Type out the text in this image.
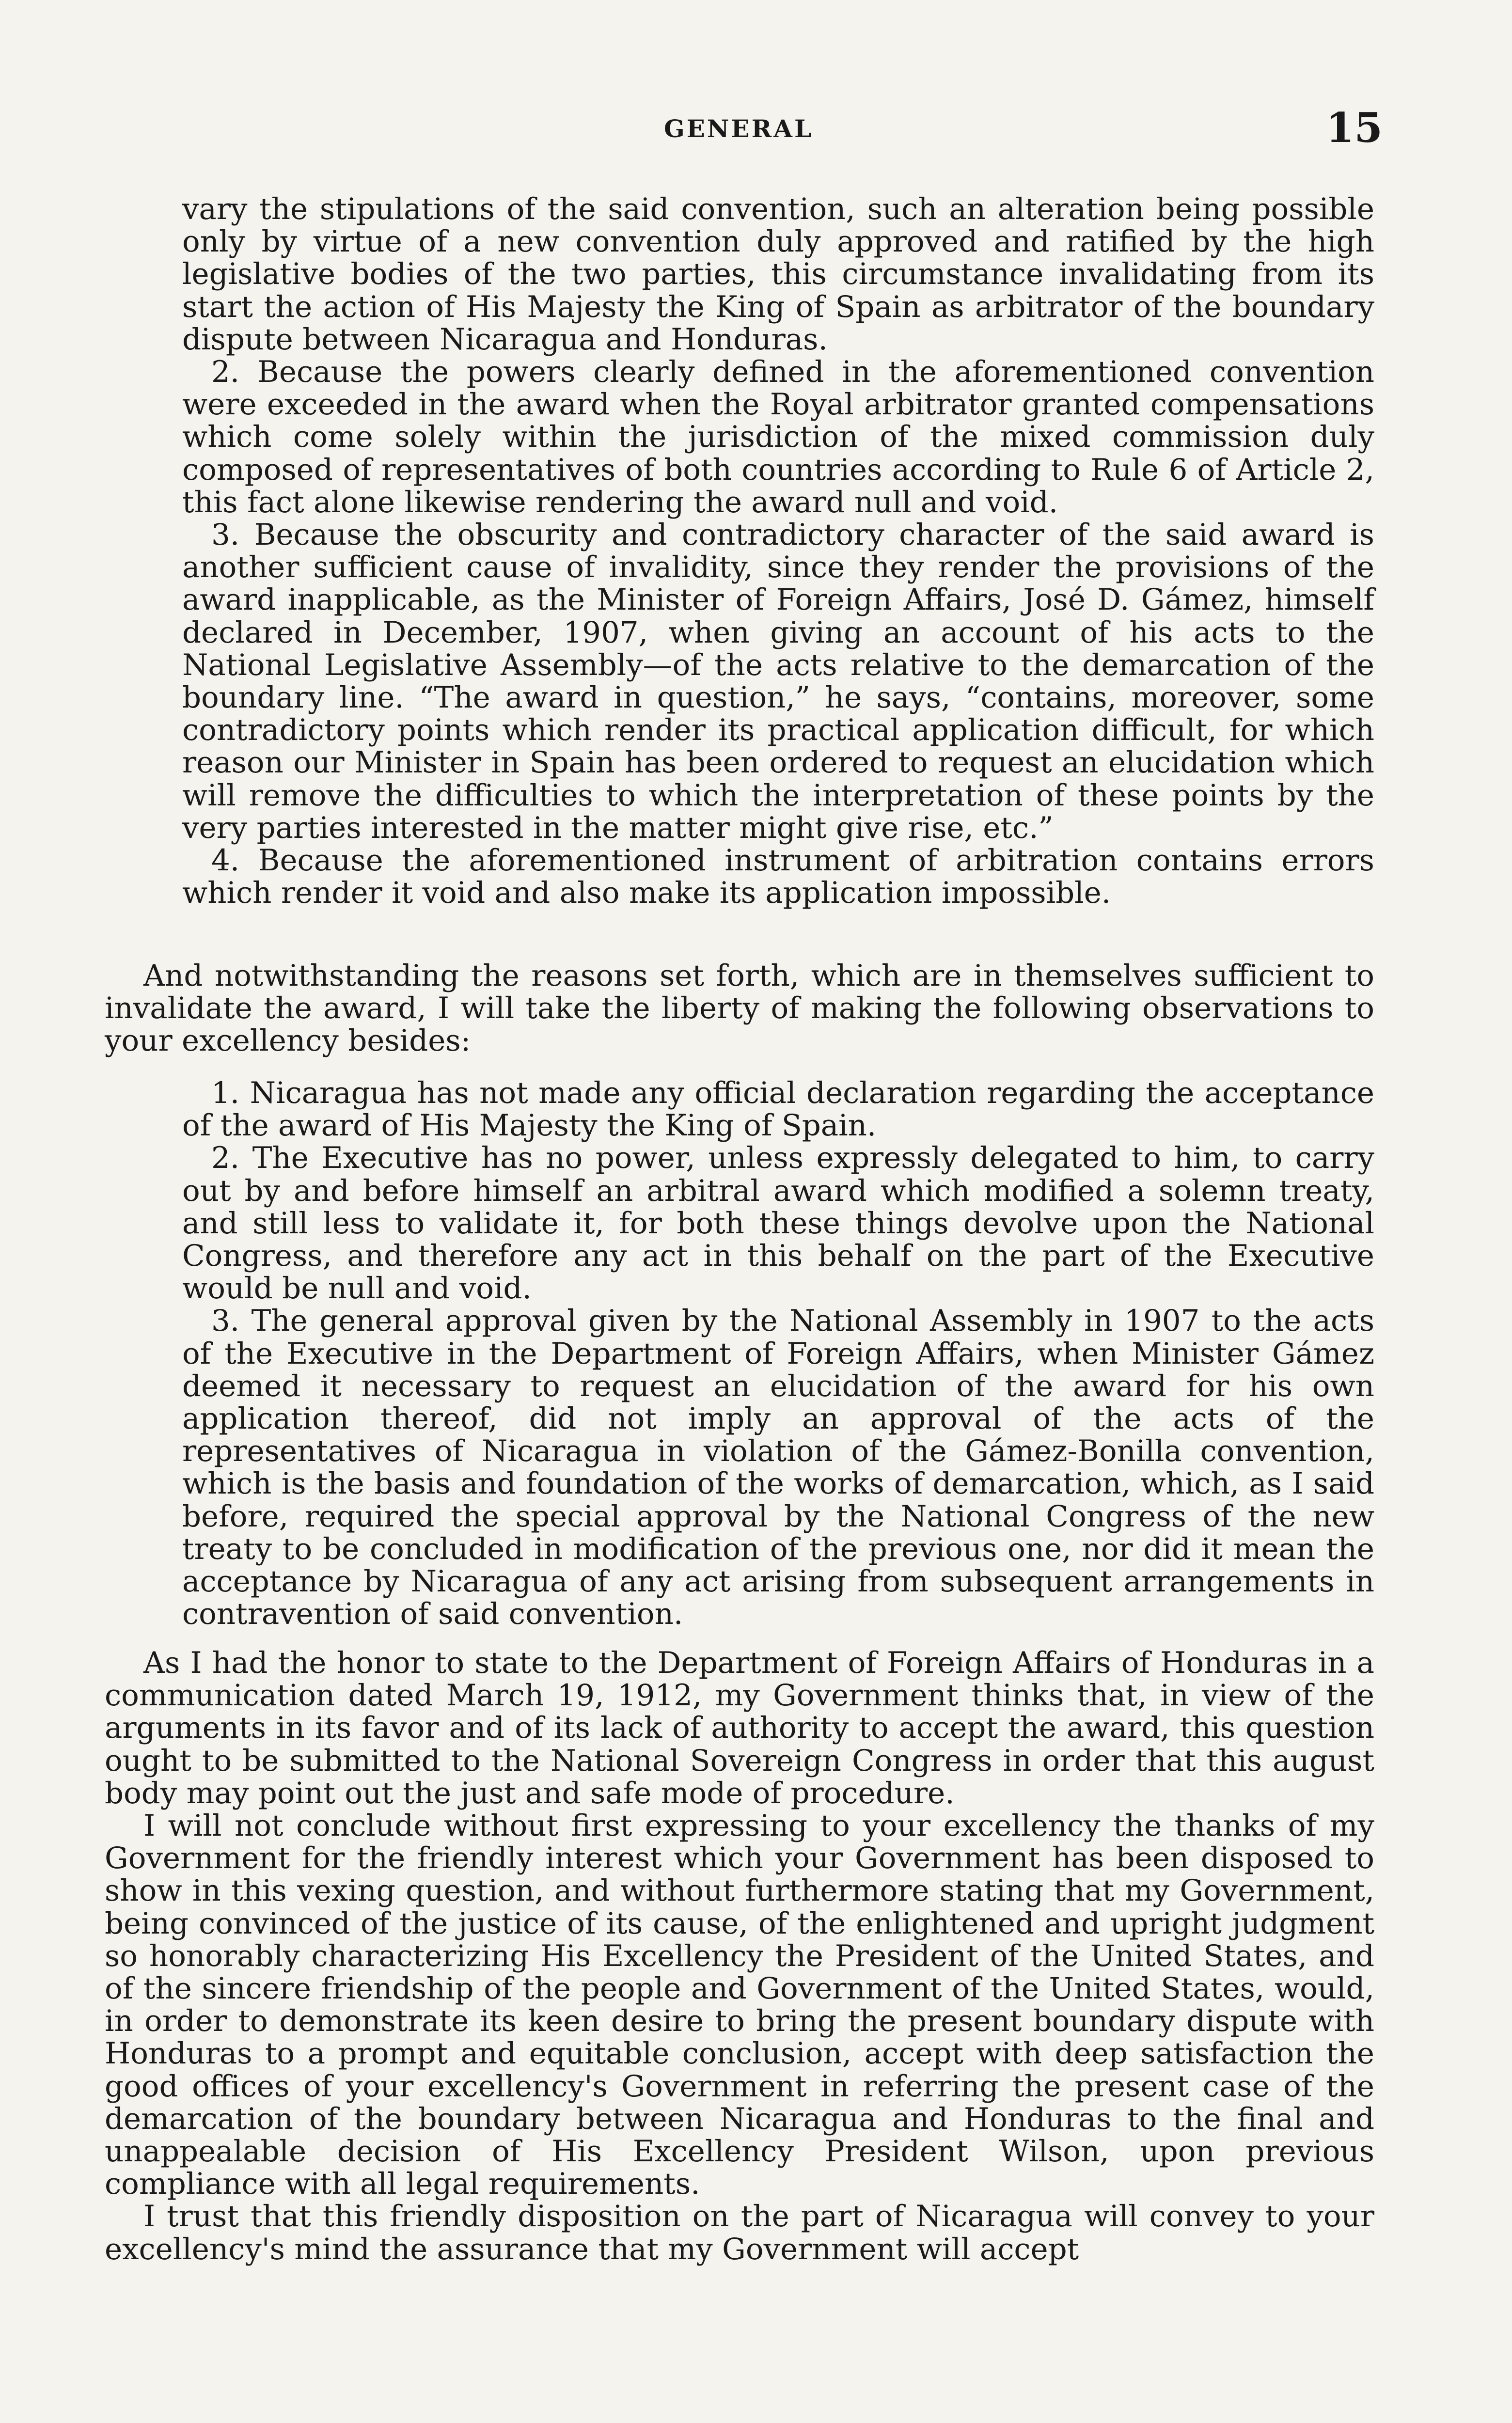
GENERAL	15

vary the stipulations of the said convention, such an alteration being possible only by virtue of a new convention duly approved and ratified by the high legislative bodies of the two parties, this circumstance invalidating from its start the action of His Majesty the King of Spain as arbitrator of the boundary dispute between Nicaragua and Honduras.

2. Because the powers clearly defined in the aforementioned convention were exceeded in the award when the Royal arbitrator granted compensations which come solely within the jurisdiction of the mixed commission duly composed of representatives of both countries according to Rule 6 of Article 2, this fact alone likewise rendering the award null and void.

3. Because the obscurity and contradictory character of the said award is another sufficient cause of invalidity, since they render the provisions of the award inapplicable, as the Minister of Foreign Affairs, José D. Gámez, himself declared in December, 1907, when giving an account of his acts to the National Legislative Assembly—of the acts relative to the demarcation of the boundary line. “The award in question,” he says, “contains, moreover, some contradictory points which render its practical application difficult, for which reason our Minister in Spain has been ordered to request an elucidation which will remove the difficulties to which the interpretation of these points by the very parties interested in the matter might give rise, etc.”

4. Because the aforementioned instrument of arbitration contains errors which render it void and also make its application impossible.

And notwithstanding the reasons set forth, which are in themselves sufficient to invalidate the award, I will take the liberty of making the following observations to your excellency besides:

1. Nicaragua has not made any official declaration regarding the acceptance of the award of His Majesty the King of Spain.

2. The Executive has no power, unless expressly delegated to him, to carry out by and before himself an arbitral award which modified a solemn treaty, and still less to validate it, for both these things devolve upon the National Congress, and therefore any act in this behalf on the part of the Executive would be null and void.

3. The general approval given by the National Assembly in 1907 to the acts of the Executive in the Department of Foreign Affairs, when Minister Gámez deemed it necessary to request an elucidation of the award for his own application thereof, did not imply an approval of the acts of the representatives of Nicaragua in violation of the Gámez-Bonilla convention, which is the basis and foundation of the works of demarcation, which, as I said before, required the special approval by the National Congress of the new treaty to be concluded in modification of the previous one, nor did it mean the acceptance by Nicaragua of any act arising from subsequent arrangements in contravention of said convention.

As I had the honor to state to the Department of Foreign Affairs of Honduras in a communication dated March 19, 1912, my Government thinks that, in view of the arguments in its favor and of its lack of authority to accept the award, this question ought to be submitted to the National Sovereign Congress in order that this august body may point out the just and safe mode of procedure.

I will not conclude without first expressing to your excellency the thanks of my Government for the friendly interest which your Government has been disposed to show in this vexing question, and without furthermore stating that my Government, being convinced of the justice of its cause, of the enlightened and upright judgment so honorably characterizing His Excellency the President of the United States, and of the sincere friendship of the people and Government of the United States, would, in order to demonstrate its keen desire to bring the present boundary dispute with Honduras to a prompt and equitable conclusion, accept with deep satisfaction the good offices of your excellency's Government in referring the present case of the demarcation of the boundary between Nicaragua and Honduras to the final and unappealable decision of His Excellency President Wilson, upon previous compliance with all legal requirements.

I trust that this friendly disposition on the part of Nicaragua will convey to your excellency's mind the assurance that my Government will accept
